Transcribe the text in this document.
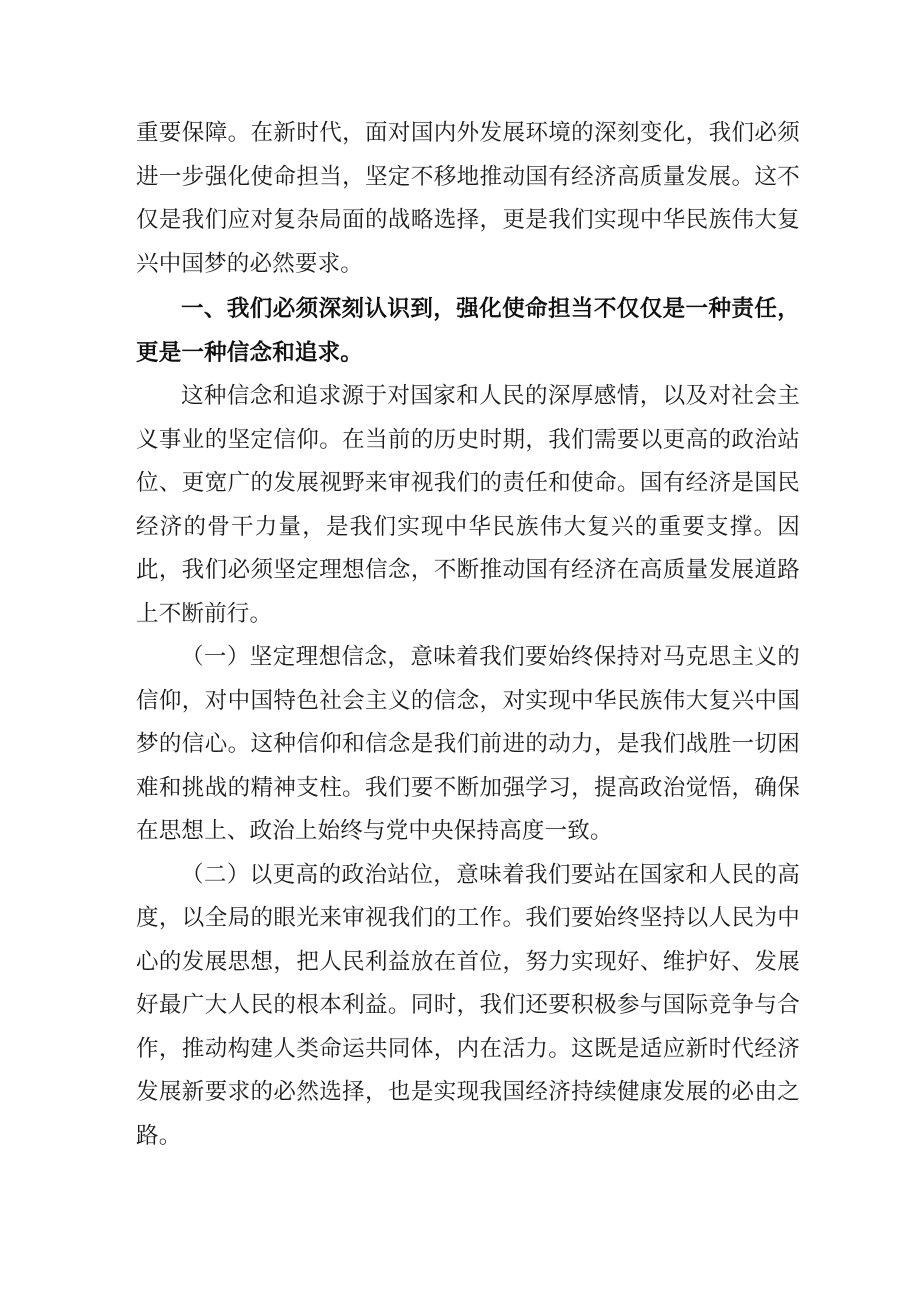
重要保障。在新时代，面对国内外发展环境的深刻变化，我们必须进一步强化使命担当，坚定不移地推动国有经济高质量发展。这不仅是我们应对复杂局面的战略选择，更是我们实现中华民族伟大复兴中国梦的必然要求。

一、我们必须深刻认识到，强化使命担当不仅仅是一种责任，更是一种信念和追求。

这种信念和追求源于对国家和人民的深厚感情，以及对社会主义事业的坚定信仰。在当前的历史时期，我们需要以更高的政治站位、更宽广的发展视野来审视我们的责任和使命。国有经济是国民经济的骨干力量，是我们实现中华民族伟大复兴的重要支撑。因此，我们必须坚定理想信念，不断推动国有经济在高质量发展道路上不断前行。

（一）坚定理想信念，意味着我们要始终保持对马克思主义的信仰，对中国特色社会主义的信念，对实现中华民族伟大复兴中国梦的信心。这种信仰和信念是我们前进的动力，是我们战胜一切困难和挑战的精神支柱。我们要不断加强学习，提高政治觉悟，确保在思想上、政治上始终与党中央保持高度一致。

（二）以更高的政治站位，意味着我们要站在国家和人民的高度，以全局的眼光来审视我们的工作。我们要始终坚持以人民为中心的发展思想，把人民利益放在首位，努力实现好、维护好、发展好最广大人民的根本利益。同时，我们还要积极参与国际竞争与合作，推动构建人类命运共同体，内在活力。这既是适应新时代经济发展新要求的必然选择，也是实现我国经济持续健康发展的必由之路。
